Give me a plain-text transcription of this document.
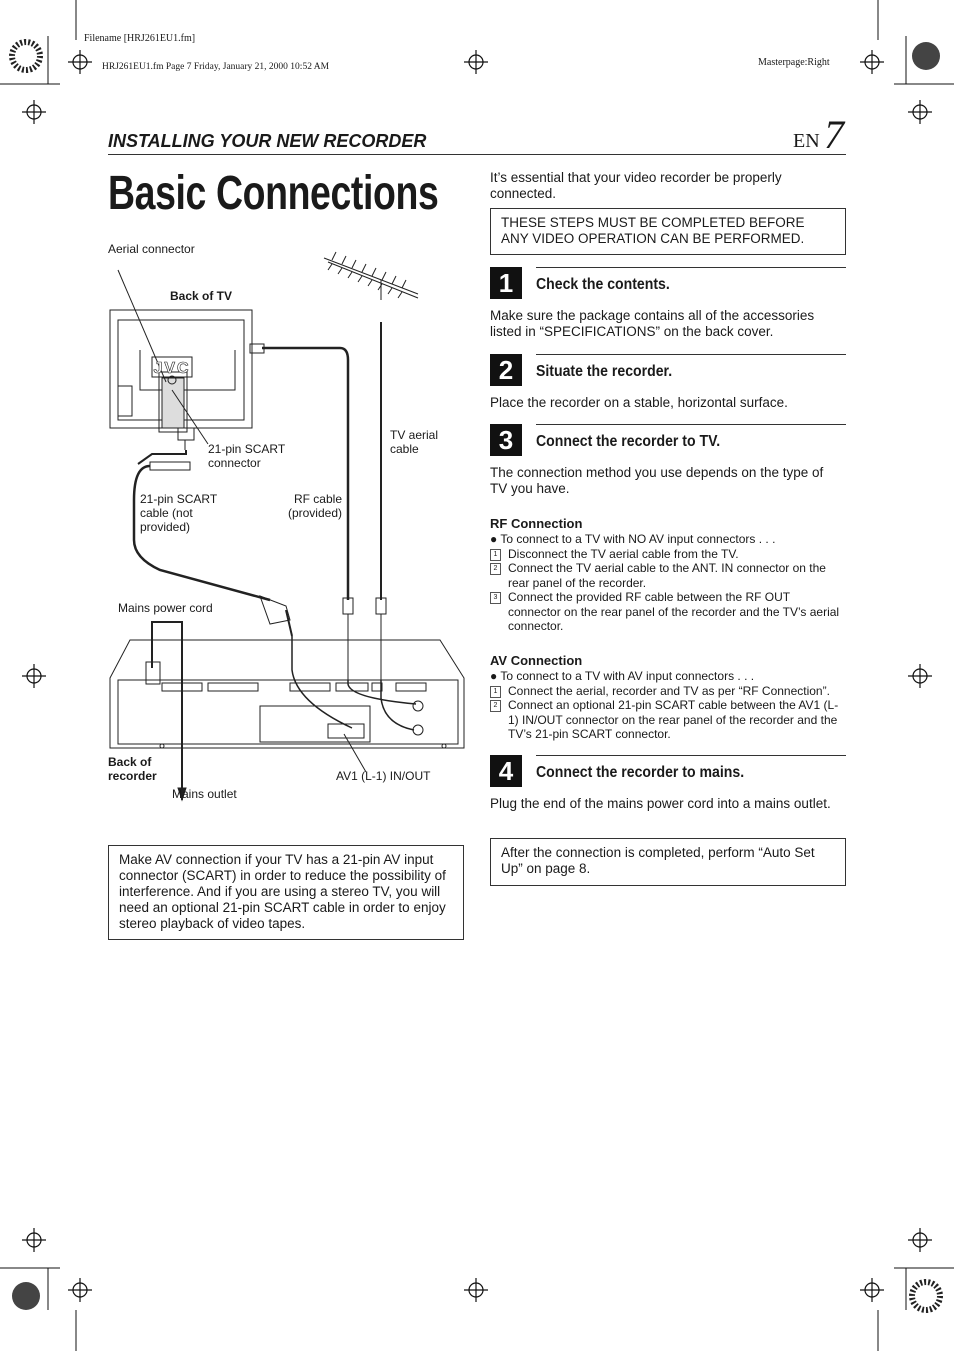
Filename [HRJ261EU1.fm]
HRJ261EU1.fm Page 7 Friday, January 21, 2000 10:52 AM	Masterpage:Right
INSTALLING YOUR NEW RECORDER	EN 7
Basic Connections	It’s essential that your video recorder be properly connected.
THESE STEPS MUST BE COMPLETED BEFORE ANY VIDEO OPERATION CAN BE PERFORMED.
1	Check the contents.
Make sure the package contains all of the accessories listed in “SPECIFICATIONS” on the back cover.
2	Situate the recorder.
Place the recorder on a stable, horizontal surface.
3	Connect the recorder to TV.
The connection method you use depends on the type of TV you have.
RF Connection
● To connect to a TV with NO AV input connectors . . .
1 Disconnect the TV aerial cable from the TV.
2 Connect the TV aerial cable to the ANT. IN connector on the rear panel of the recorder.
3 Connect the provided RF cable between the RF OUT connector on the rear panel of the recorder and the TV’s aerial connector.
AV Connection
● To connect to a TV with AV input connectors . . .
1 Connect the aerial, recorder and TV as per “RF Connection”.
2 Connect an optional 21-pin SCART cable between the AV1 (L-1) IN/OUT connector on the rear panel of the recorder and the TV’s 21-pin SCART connector.
4	Connect the recorder to mains.
Plug the end of the mains power cord into a mains outlet.
After the connection is completed, perform “Auto Set Up” on page 8.
Make AV connection if your TV has a 21-pin AV input connector (SCART) in order to reduce the possibility of interference. And if you are using a stereo TV, you will need an optional 21-pin SCART cable in order to enjoy stereo playback of video tapes.
JVC
Aerial connector
Back of TV
21-pin SCART connector
TV aerial cable
21-pin SCART cable (not provided)
RF cable (provided)
Mains power cord
Back of recorder
Mains outlet
AV1 (L-1) IN/OUT
